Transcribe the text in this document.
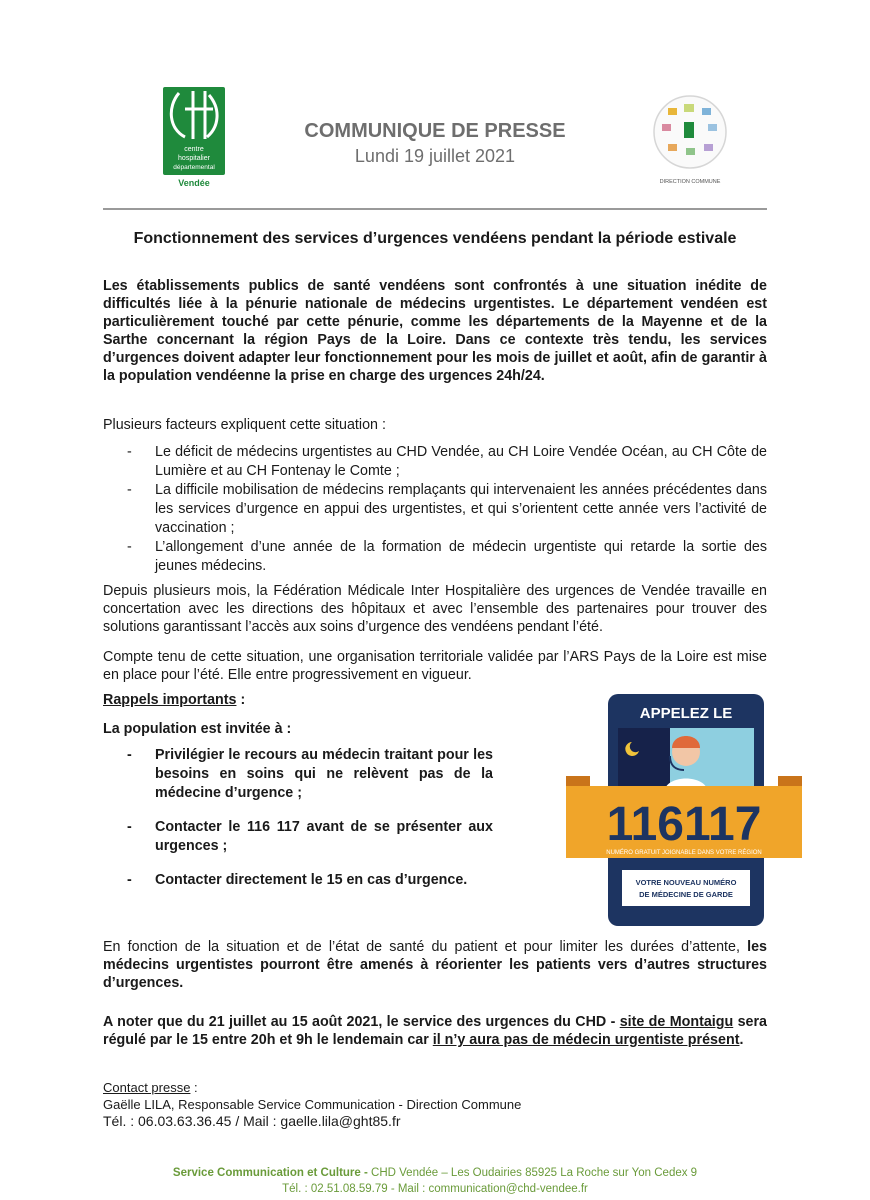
centre
hospitalier
départemental
Vendée
COMMUNIQUE DE PRESSE
Lundi 19 juillet 2021
DIRECTION COMMUNE
Fonctionnement des services d’urgences vendéens pendant la période estivale
Les établissements publics de santé vendéens sont confrontés à une situation inédite de difficultés liée à la pénurie nationale de médecins urgentistes. Le département vendéen est particulièrement touché par cette pénurie, comme les départements de la Mayenne et de la Sarthe concernant la région Pays de la Loire. Dans ce contexte très tendu, les services d’urgences doivent adapter leur fonctionnement pour les mois de juillet et août, afin de garantir à la population vendéenne la prise en charge des urgences 24h/24.
Plusieurs facteurs expliquent cette situation :
- Le déficit de médecins urgentistes au CHD Vendée, au CH Loire Vendée Océan, au CH Côte de Lumière et au CH Fontenay le Comte ;
- La difficile mobilisation de médecins remplaçants qui intervenaient les années précédentes dans les services d’urgence en appui des urgentistes, et qui s’orientent cette année vers l’activité de vaccination ;
- L’allongement d’une année de la formation de médecin urgentiste qui retarde la sortie des jeunes médecins.
Depuis plusieurs mois, la Fédération Médicale Inter Hospitalière des urgences de Vendée travaille en concertation avec les directions des hôpitaux et avec l’ensemble des partenaires pour trouver des solutions garantissant l’accès aux soins d’urgence des vendéens pendant l’été.
Compte tenu de cette situation, une organisation territoriale validée par l’ARS Pays de la Loire est mise en place pour l’été. Elle entre progressivement en vigueur.
Rappels importants :
La population est invitée à :
- Privilégier le recours au médecin traitant pour les besoins en soins qui ne relèvent pas de la médecine d’urgence ;
- Contacter le 116 117 avant de se présenter aux urgences ;
- Contacter directement le 15 en cas d’urgence.
APPELEZ LE
116117
NUMÉRO GRATUIT JOIGNABLE DANS VOTRE RÉGION
VOTRE NOUVEAU NUMÉRO
DE MÉDECINE DE GARDE
En fonction de la situation et de l’état de santé du patient et pour limiter les durées d’attente, les médecins urgentistes pourront être amenés à réorienter les patients vers d’autres structures d’urgences.
A noter que du 21 juillet au 15 août 2021, le service des urgences du CHD - site de Montaigu sera régulé par le 15 entre 20h et 9h le lendemain car il n’y aura pas de médecin urgentiste présent.
Contact presse :
Gaëlle LILA, Responsable Service Communication - Direction Commune
Tél. : 06.03.63.36.45 / Mail : gaelle.lila@ght85.fr
Service Communication et Culture - CHD Vendée – Les Oudairies 85925 La Roche sur Yon Cedex 9
Tél. : 02.51.08.59.79 - Mail : communication@chd-vendee.fr
